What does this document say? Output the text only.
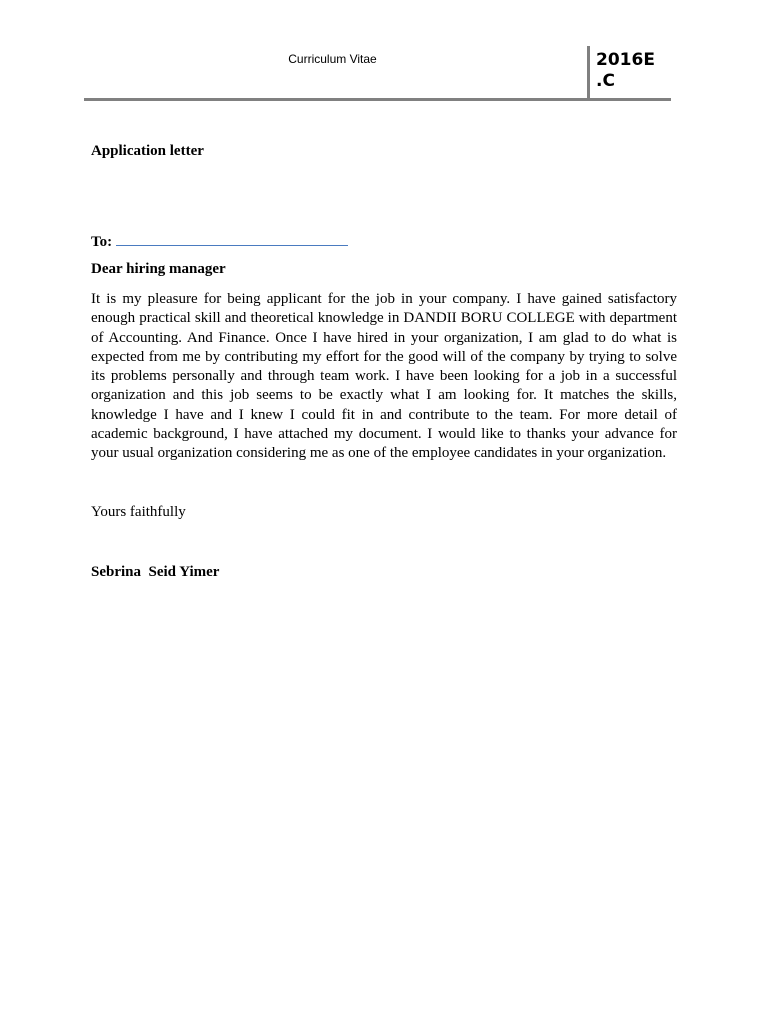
Curriculum Vitae	2016E
.C
Application letter
To:
Dear hiring manager

It is my pleasure for being applicant for the job in your company. I have gained satisfactory enough practical skill and theoretical knowledge in DANDII BORU COLLEGE with department of Accounting. And Finance. Once I have hired in your organization, I am glad to do what is expected from me by contributing my effort for the good will of the company by trying to solve its problems personally and through team work. I have been looking for a job in a successful organization and this job seems to be exactly what I am looking for. It matches the skills, knowledge I have and I knew I could fit in and contribute to the team. For more detail of academic background, I have attached my document. I would like to thanks your advance for your usual organization considering me as one of the employee candidates in your organization.

Yours faithfully
Sebrina  Seid Yimer
